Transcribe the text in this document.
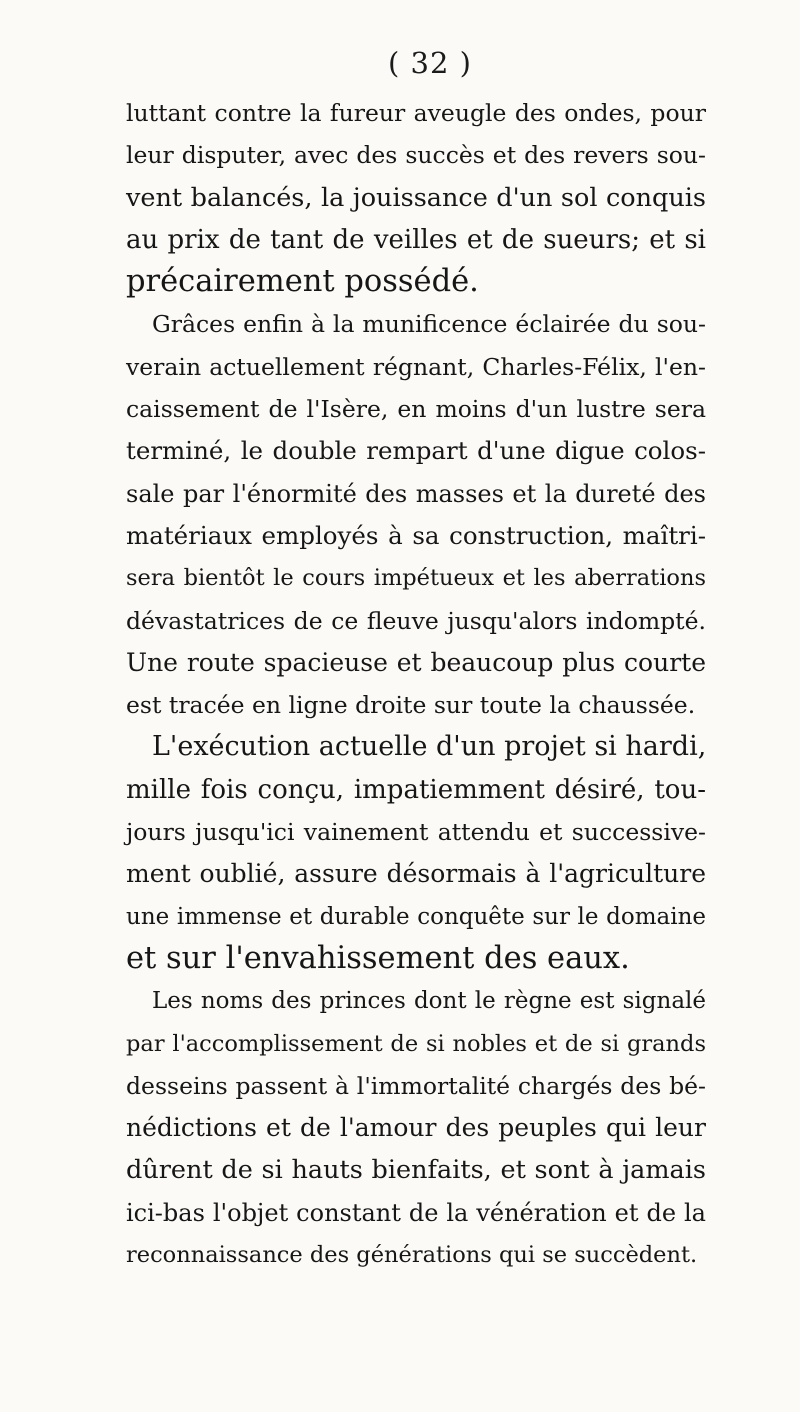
( 32 )
luttant contre la fureur aveugle des ondes, pour
leur disputer, avec des succès et des revers sou-
vent balancés, la jouissance d'un sol conquis
au prix de tant de veilles et de sueurs; et si
précairement possédé.
Grâces enfin à la munificence éclairée du sou-
verain actuellement régnant, Charles-Félix, l'en-
caissement de l'Isère, en moins d'un lustre sera
terminé, le double rempart d'une digue colos-
sale par l'énormité des masses et la dureté des
matériaux employés à sa construction, maîtri-
sera bientôt le cours impétueux et les aberrations
dévastatrices de ce fleuve jusqu'alors indompté.
Une route spacieuse et beaucoup plus courte
est tracée en ligne droite sur toute la chaussée.
L'exécution actuelle d'un projet si hardi,
mille fois conçu, impatiemment désiré, tou-
jours jusqu'ici vainement attendu et successive-
ment oublié, assure désormais à l'agriculture
une immense et durable conquête sur le domaine
et sur l'envahissement des eaux.
Les noms des princes dont le règne est signalé
par l'accomplissement de si nobles et de si grands
desseins passent à l'immortalité chargés des bé-
nédictions et de l'amour des peuples qui leur
dûrent de si hauts bienfaits, et sont à jamais
ici-bas l'objet constant de la vénération et de la
reconnaissance des générations qui se succèdent.
